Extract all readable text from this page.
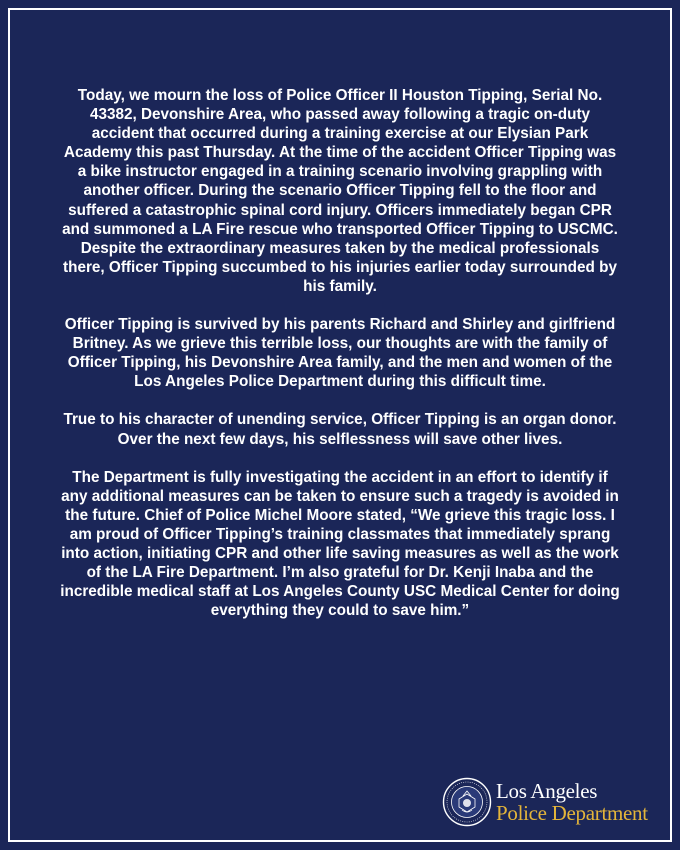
Today, we mourn the loss of Police Officer II Houston Tipping, Serial No. 43382, Devonshire Area, who passed away following a tragic on-duty accident that occurred during a training exercise at our Elysian Park Academy this past Thursday. At the time of the accident Officer Tipping was a bike instructor engaged in a training scenario involving grappling with another officer. During the scenario Officer Tipping fell to the floor and suffered a catastrophic spinal cord injury. Officers immediately began CPR and summoned a LA Fire rescue who transported Officer Tipping to USCMC. Despite the extraordinary measures taken by the medical professionals there, Officer Tipping succumbed to his injuries earlier today surrounded by his family.

Officer Tipping is survived by his parents Richard and Shirley and girlfriend Britney. As we grieve this terrible loss, our thoughts are with the family of Officer Tipping, his Devonshire Area family, and the men and women of the Los Angeles Police Department during this difficult time.

True to his character of unending service, Officer Tipping is an organ donor. Over the next few days, his selflessness will save other lives.

The Department is fully investigating the accident in an effort to identify if any additional measures can be taken to ensure such a tragedy is avoided in the future. Chief of Police Michel Moore stated, “We grieve this tragic loss. I am proud of Officer Tipping’s training classmates that immediately sprang into action, initiating CPR and other life saving measures as well as the work of the LA Fire Department. I’m also grateful for Dr. Kenji Inaba and the incredible medical staff at Los Angeles County USC Medical Center for doing everything they could to save him.”

Los Angeles
Police Department
